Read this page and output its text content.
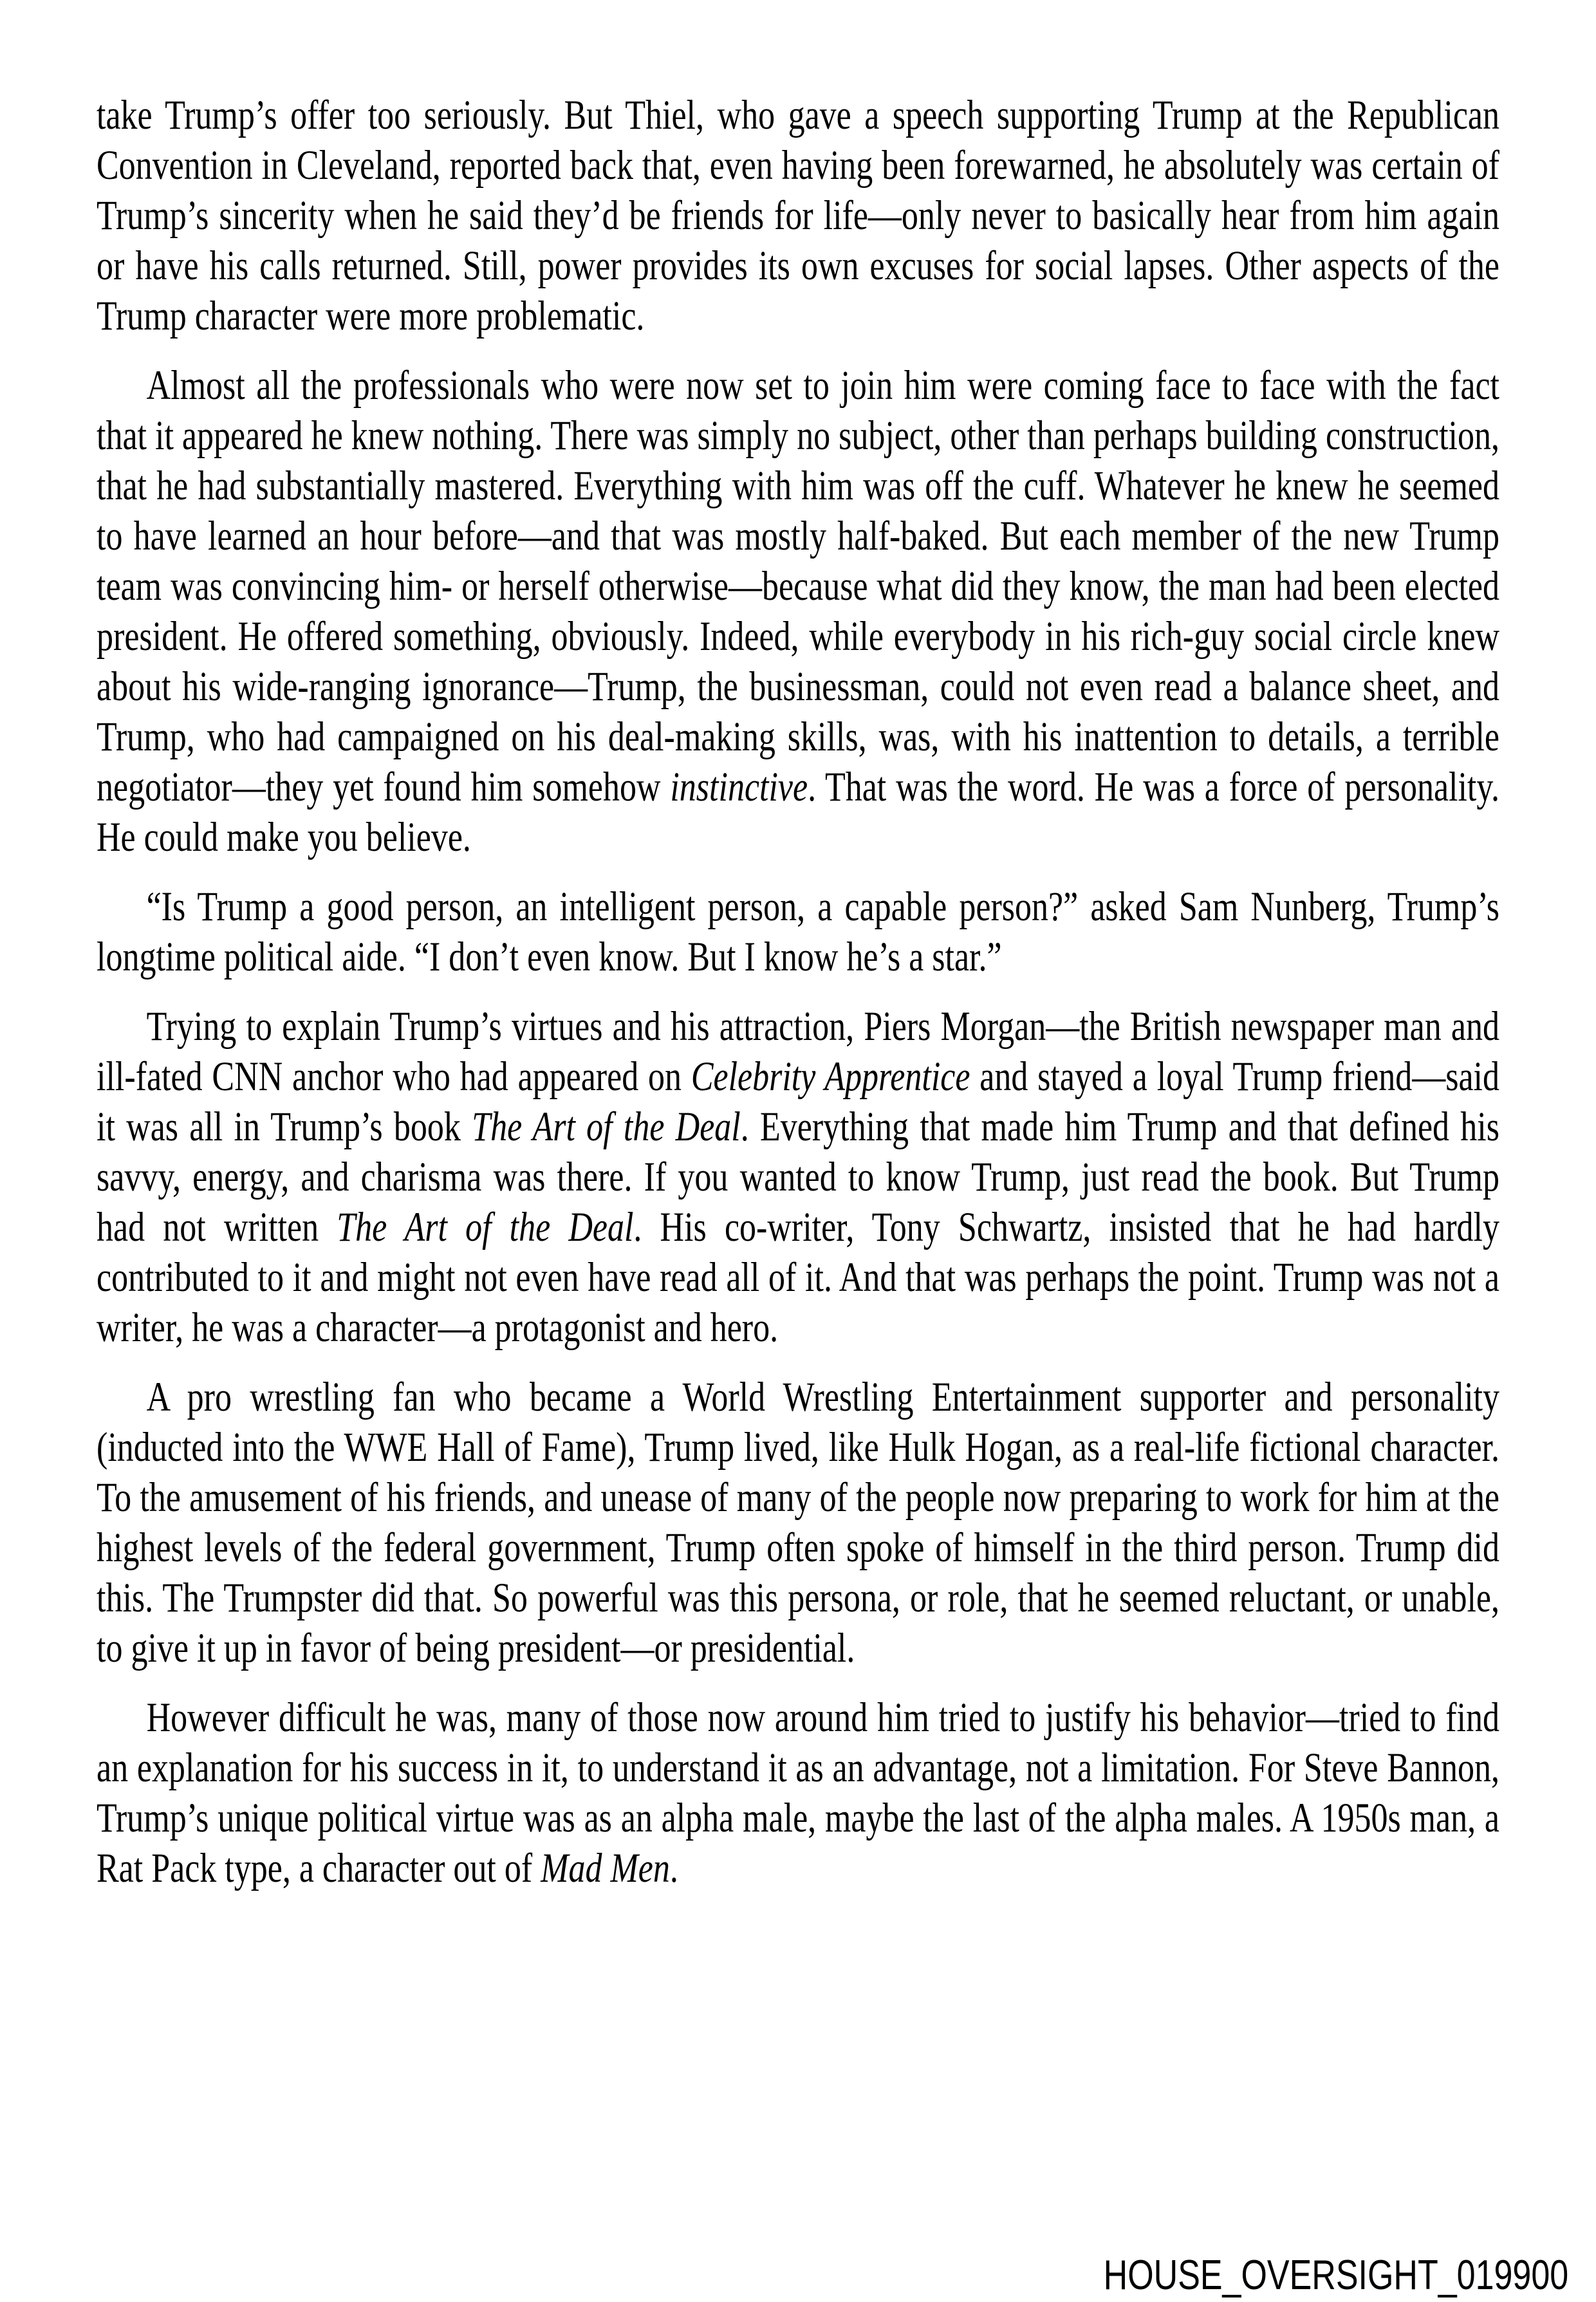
take Trump’s offer too seriously. But Thiel, who gave a speech supporting Trump at the Republican Convention in Cleveland, reported back that, even having been forewarned, he absolutely was certain of Trump’s sincerity when he said they’d be friends for life—only never to basically hear from him again or have his calls returned. Still, power provides its own excuses for social lapses. Other aspects of the Trump character were more problematic.

Almost all the professionals who were now set to join him were coming face to face with the fact that it appeared he knew nothing. There was simply no subject, other than perhaps building construction, that he had substantially mastered. Everything with him was off the cuff. Whatever he knew he seemed to have learned an hour before—and that was mostly half-baked. But each member of the new Trump team was convincing him- or herself otherwise—because what did they know, the man had been elected president. He offered something, obviously. Indeed, while everybody in his rich-guy social circle knew about his wide-ranging ignorance—Trump, the businessman, could not even read a balance sheet, and Trump, who had campaigned on his deal-making skills, was, with his inattention to details, a terrible negotiator—they yet found him somehow instinctive. That was the word. He was a force of personality. He could make you believe.

“Is Trump a good person, an intelligent person, a capable person?” asked Sam Nunberg, Trump’s longtime political aide. “I don’t even know. But I know he’s a star.”

Trying to explain Trump’s virtues and his attraction, Piers Morgan—the British newspaper man and ill-fated CNN anchor who had appeared on Celebrity Apprentice and stayed a loyal Trump friend—said it was all in Trump’s book The Art of the Deal. Everything that made him Trump and that defined his savvy, energy, and charisma was there. If you wanted to know Trump, just read the book. But Trump had not written The Art of the Deal. His co-writer, Tony Schwartz, insisted that he had hardly contributed to it and might not even have read all of it. And that was perhaps the point. Trump was not a writer, he was a character—a protagonist and hero.

A pro wrestling fan who became a World Wrestling Entertainment supporter and personality (inducted into the WWE Hall of Fame), Trump lived, like Hulk Hogan, as a real-life fictional character. To the amusement of his friends, and unease of many of the people now preparing to work for him at the highest levels of the federal government, Trump often spoke of himself in the third person. Trump did this. The Trumpster did that. So powerful was this persona, or role, that he seemed reluctant, or unable, to give it up in favor of being president—or presidential.

However difficult he was, many of those now around him tried to justify his behavior—tried to find an explanation for his success in it, to understand it as an advantage, not a limitation. For Steve Bannon, Trump’s unique political virtue was as an alpha male, maybe the last of the alpha males. A 1950s man, a Rat Pack type, a character out of Mad Men.

HOUSE_OVERSIGHT_019900
